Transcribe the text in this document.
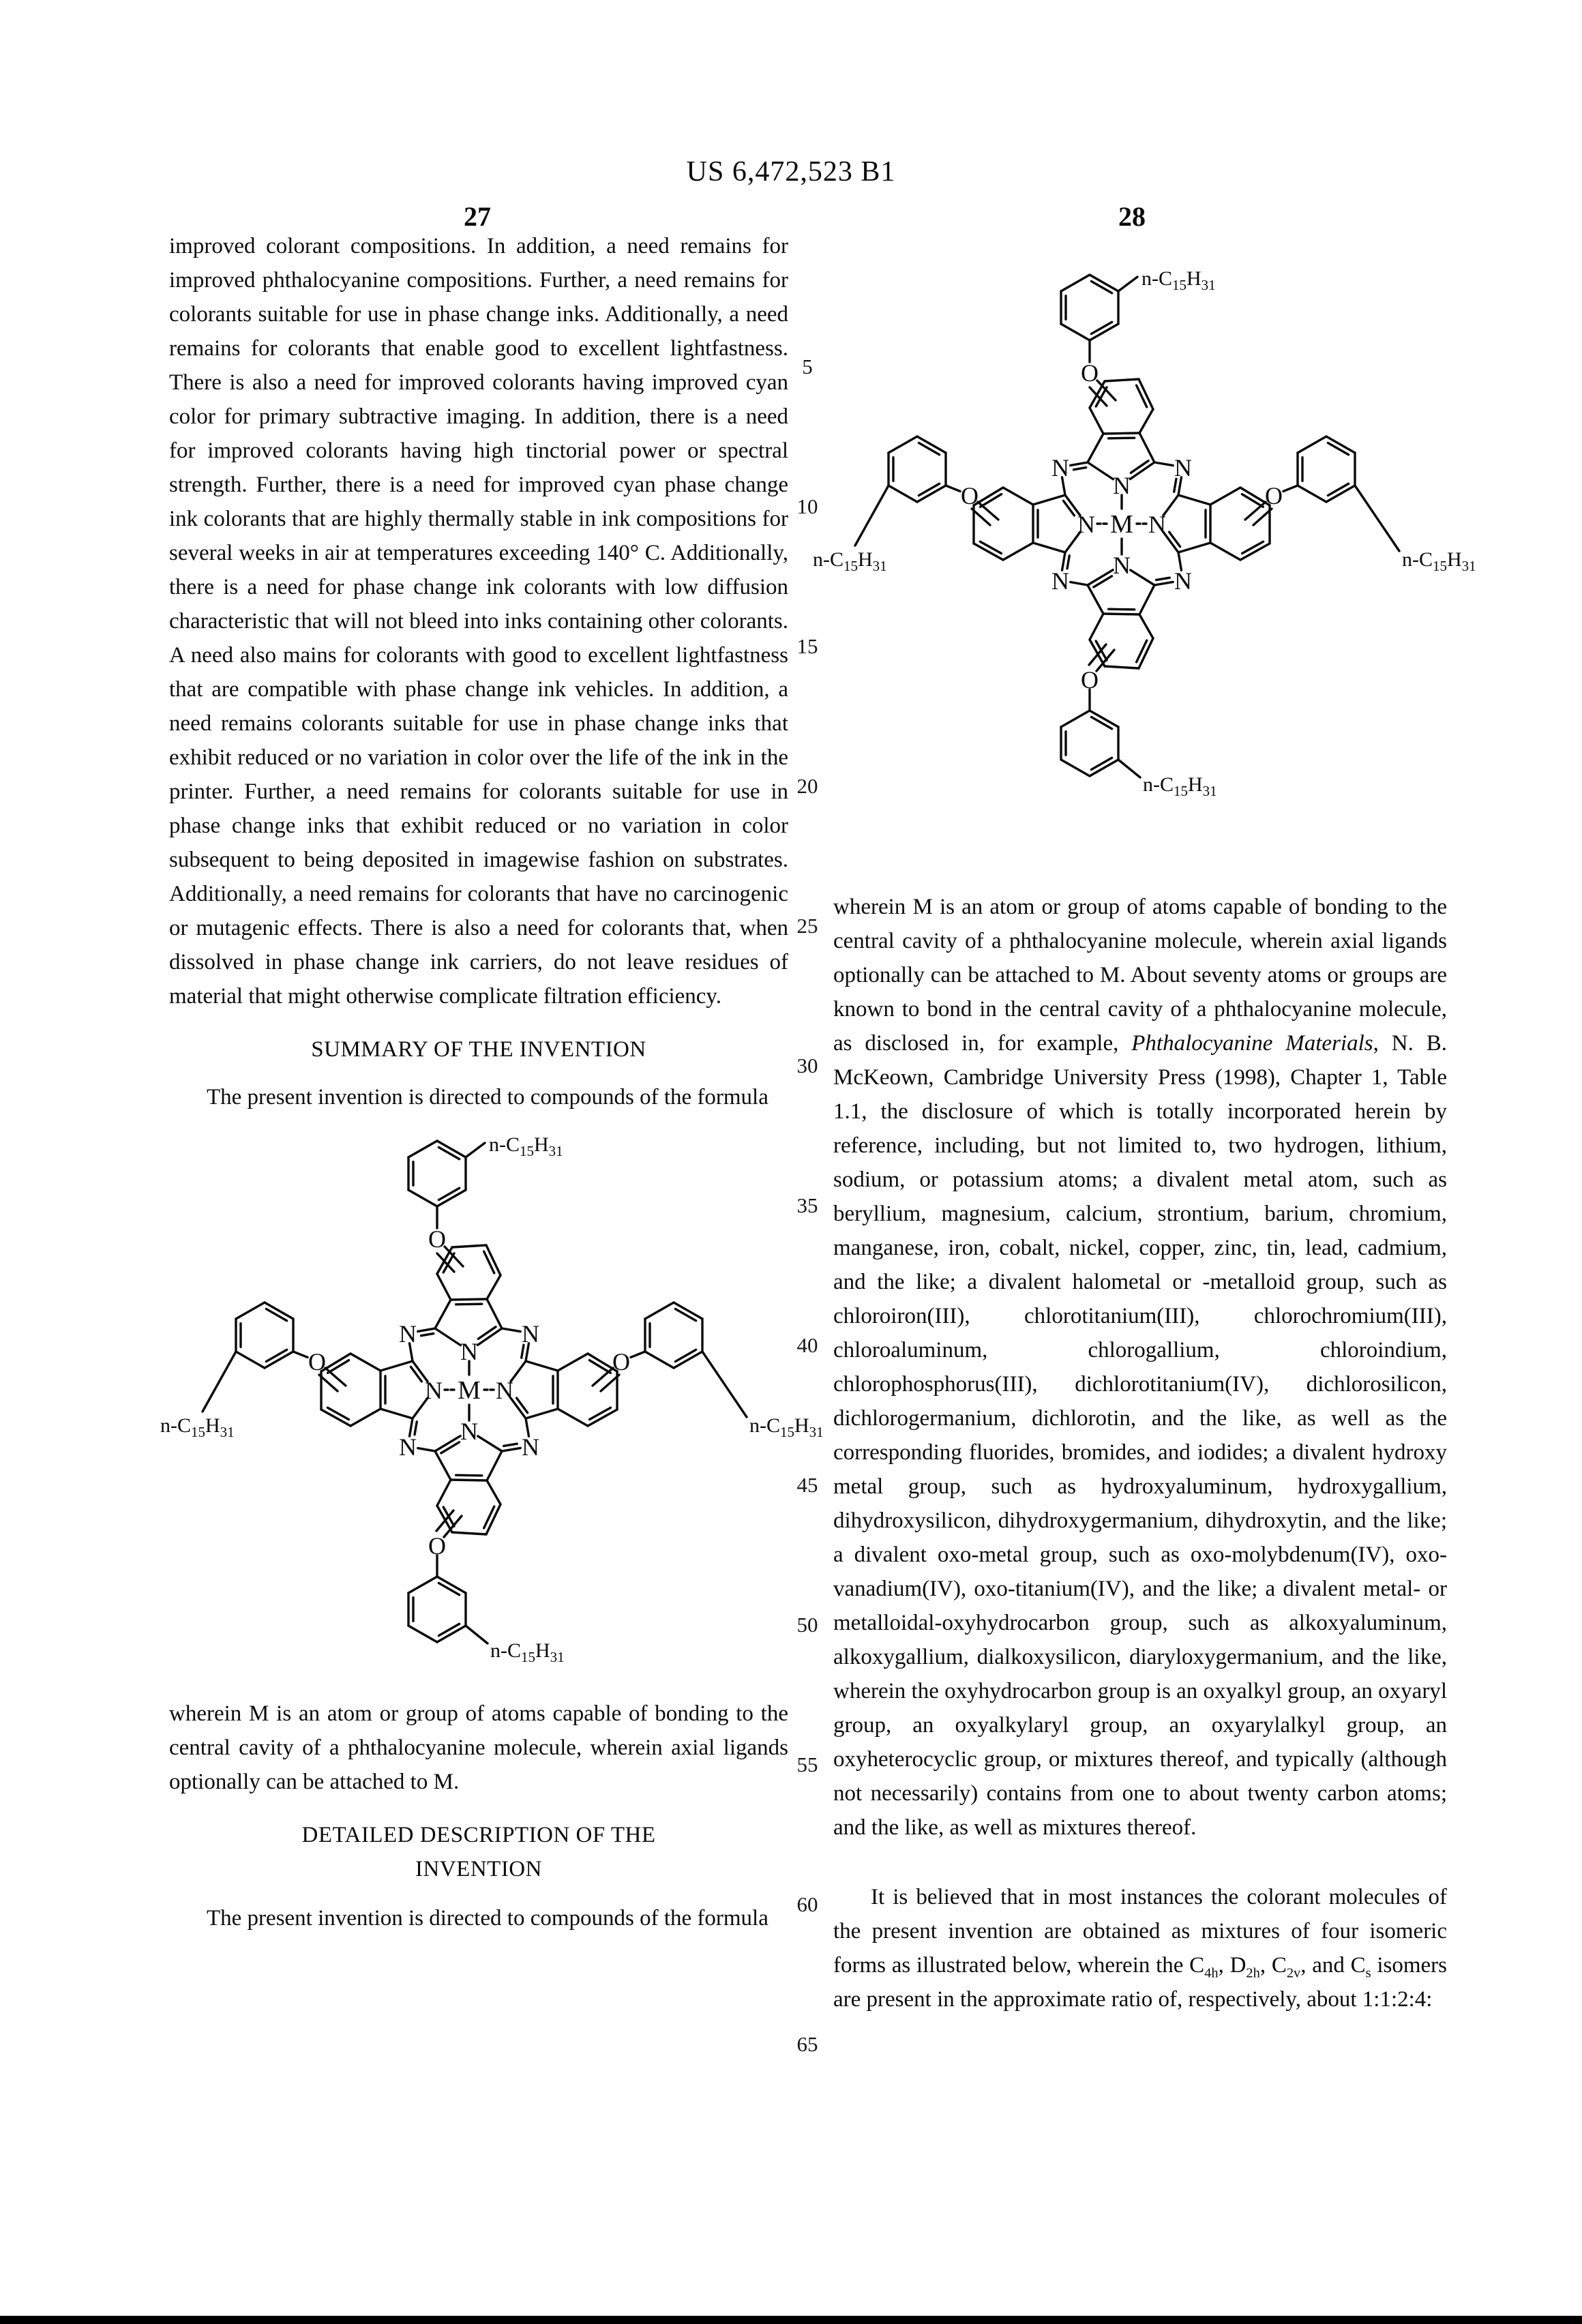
US 6,472,523 B1
27	28
5
10
15
20
25
30
35
40
45
50
55
60
65
improved colorant compositions. In addition, a need remains for improved phthalocyanine compositions. Further, a need remains for colorants suitable for use in phase change inks. Additionally, a need remains for colorants that enable good to excellent lightfastness. There is also a need for improved colorants having improved cyan color for primary subtractive imaging. In addition, there is a need for improved colorants having high tinctorial power or spectral strength. Further, there is a need for improved cyan phase change ink colorants that are highly thermally stable in ink compositions for several weeks in air at temperatures exceeding 140° C. Additionally, there is a need for phase change ink colorants with low diffusion characteristic that will not bleed into inks containing other colorants. A need also mains for colorants with good to excellent lightfastness that are compatible with phase change ink vehicles. In addition, a need remains colorants suitable for use in phase change inks that exhibit reduced or no variation in color over the life of the ink in the printer. Further, a need remains for colorants suitable for use in phase change inks that exhibit reduced or no variation in color subsequent to being deposited in imagewise fashion on substrates. Additionally, a need remains for colorants that have no carcinogenic or mutagenic effects. There is also a need for colorants that, when dissolved in phase change ink carriers, do not leave residues of material that might otherwise complicate filtration efficiency.
SUMMARY OF THE INVENTION
The present invention is directed to compounds of the formula
M
N
N
N N
N	N
N	N
O
O
O	O
$n-C_{15}H_{31}$
$n-C_{15}H_{31}$
$n-C_{15}H_{31}$	$n-C_{15}H_{31}$
wherein M is an atom or group of atoms capable of bonding to the central cavity of a phthalocyanine molecule, wherein axial ligands optionally can be attached to M.
DETAILED DESCRIPTION OF THE INVENTION
The present invention is directed to compounds of the formula
M
N
N
N N
N	N
N	N
O
O
O	O
$n-C_{15}H_{31}$
$n-C_{15}H_{31}$
$n-C_{15}H_{31}$	$n-C_{15}H_{31}$
wherein M is an atom or group of atoms capable of bonding to the central cavity of a phthalocyanine molecule, wherein axial ligands optionally can be attached to M. About seventy atoms or groups are known to bond in the central cavity of a phthalocyanine molecule, as disclosed in, for example, Phthalocyanine Materials, N. B. McKeown, Cambridge University Press (1998), Chapter 1, Table 1.1, the disclosure of which is totally incorporated herein by reference, including, but not limited to, two hydrogen, lithium, sodium, or potassium atoms; a divalent metal atom, such as beryllium, magnesium, calcium, strontium, barium, chromium, manganese, iron, cobalt, nickel, copper, zinc, tin, lead, cadmium, and the like; a divalent halometal or -metalloid group, such as chloroiron(III), chlorotitanium(III), chlorochromium(III), chloroaluminum, chlorogallium, chloroindium, chlorophosphorus(III), dichlorotitanium(IV), dichlorosilicon, dichlorogermanium, dichlorotin, and the like, as well as the corresponding fluorides, bromides, and iodides; a divalent hydroxy metal group, such as hydroxyaluminum, hydroxygallium, dihydroxysilicon, dihydroxygermanium, dihydroxytin, and the like; a divalent oxo-metal group, such as oxo-molybdenum(IV), oxo-vanadium(IV), oxo-titanium(IV), and the like; a divalent metal- or metalloidal-oxyhydrocarbon group, such as alkoxyaluminum, alkoxygallium, dialkoxysilicon, diaryloxygermanium, and the like, wherein the oxyhydrocarbon group is an oxyalkyl group, an oxyaryl group, an oxyalkylaryl group, an oxyarylalkyl group, an oxyheterocyclic group, or mixtures thereof, and typically (although not necessarily) contains from one to about twenty carbon atoms; and the like, as well as mixtures thereof.
It is believed that in most instances the colorant molecules of the present invention are obtained as mixtures of four isomeric forms as illustrated below, wherein the $C_{4h}$, $D_{2h}$, $C_{2v}$, and $C_s$ isomers are present in the approximate ratio of, respectively, about 1:1:2:4:
